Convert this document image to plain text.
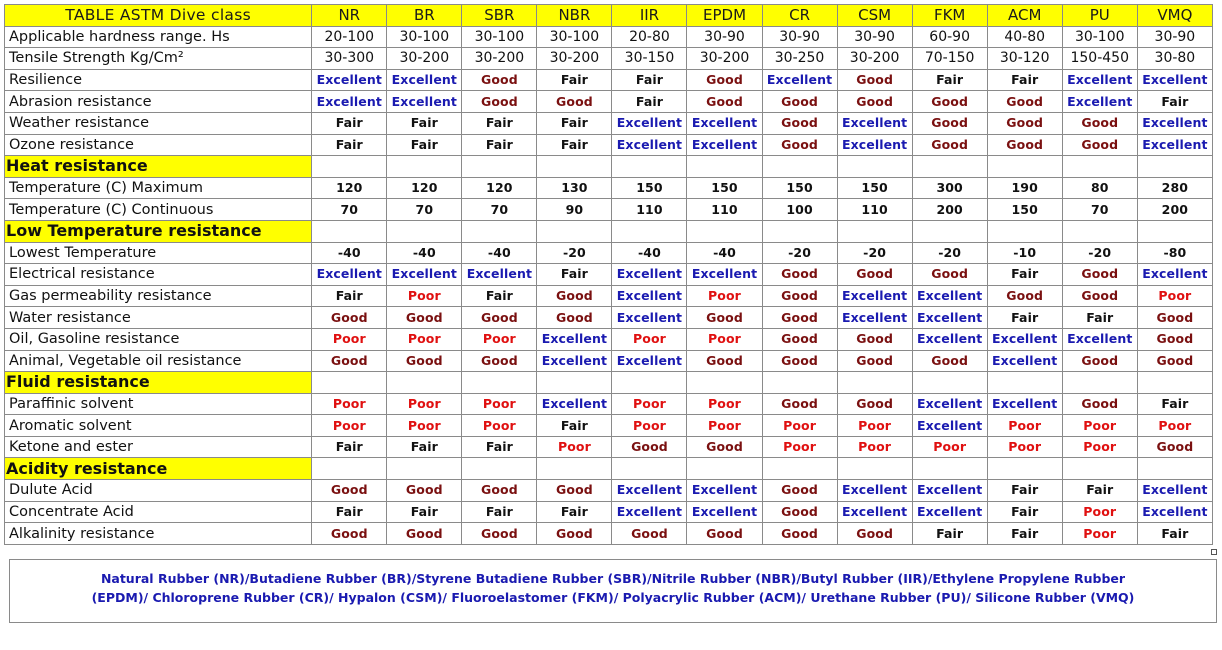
TABLE ASTM Dive class	NR	BR	SBR	NBR	IIR	EPDM	CR	CSM	FKM	ACM	PU	VMQ
Applicable hardness range. Hs	20-100	30-100	30-100	30-100	20-80	30-90	30-90	30-90	60-90	40-80	30-100	30-90
Tensile Strength Kg/Cm²	30-300	30-200	30-200	30-200	30-150	30-200	30-250	30-200	70-150	30-120	150-450	30-80
Resilience	Excellent	Excellent	Good	Fair	Fair	Good	Excellent	Good	Fair	Fair	Excellent	Excellent
Abrasion resistance	Excellent	Excellent	Good	Good	Fair	Good	Good	Good	Good	Good	Excellent	Fair
Weather resistance	Fair	Fair	Fair	Fair	Excellent	Excellent	Good	Excellent	Good	Good	Good	Excellent
Ozone resistance	Fair	Fair	Fair	Fair	Excellent	Excellent	Good	Excellent	Good	Good	Good	Excellent
Heat resistance												
Temperature (C) Maximum	120	120	120	130	150	150	150	150	300	190	80	280
Temperature (C) Continuous	70	70	70	90	110	110	100	110	200	150	70	200
Low Temperature resistance												
Lowest Temperature	-40	-40	-40	-20	-40	-40	-20	-20	-20	-10	-20	-80
Electrical resistance	Excellent	Excellent	Excellent	Fair	Excellent	Excellent	Good	Good	Good	Fair	Good	Excellent
Gas permeability resistance	Fair	Poor	Fair	Good	Excellent	Poor	Good	Excellent	Excellent	Good	Good	Poor
Water resistance	Good	Good	Good	Good	Excellent	Good	Good	Excellent	Excellent	Fair	Fair	Good
Oil, Gasoline resistance	Poor	Poor	Poor	Excellent	Poor	Poor	Good	Good	Excellent	Excellent	Excellent	Good
Animal, Vegetable oil resistance	Good	Good	Good	Excellent	Excellent	Good	Good	Good	Good	Excellent	Good	Good
Fluid resistance												
Paraffinic solvent	Poor	Poor	Poor	Excellent	Poor	Poor	Good	Good	Excellent	Excellent	Good	Fair
Aromatic solvent	Poor	Poor	Poor	Fair	Poor	Poor	Poor	Poor	Excellent	Poor	Poor	Poor
Ketone and ester	Fair	Fair	Fair	Poor	Good	Good	Poor	Poor	Poor	Poor	Poor	Good
Acidity resistance												
Dulute Acid	Good	Good	Good	Good	Excellent	Excellent	Good	Excellent	Excellent	Fair	Fair	Excellent
Concentrate Acid	Fair	Fair	Fair	Fair	Excellent	Excellent	Good	Excellent	Excellent	Fair	Poor	Excellent
Alkalinity resistance	Good	Good	Good	Good	Good	Good	Good	Good	Fair	Fair	Poor	Fair
Natural Rubber (NR)/Butadiene Rubber (BR)/Styrene Butadiene Rubber (SBR)/Nitrile Rubber (NBR)/Butyl Rubber (IIR)/Ethylene Propylene Rubber
(EPDM)/ Chloroprene Rubber (CR)/ Hypalon (CSM)/ Fluoroelastomer (FKM)/ Polyacrylic Rubber (ACM)/ Urethane Rubber (PU)/ Silicone Rubber (VMQ)
